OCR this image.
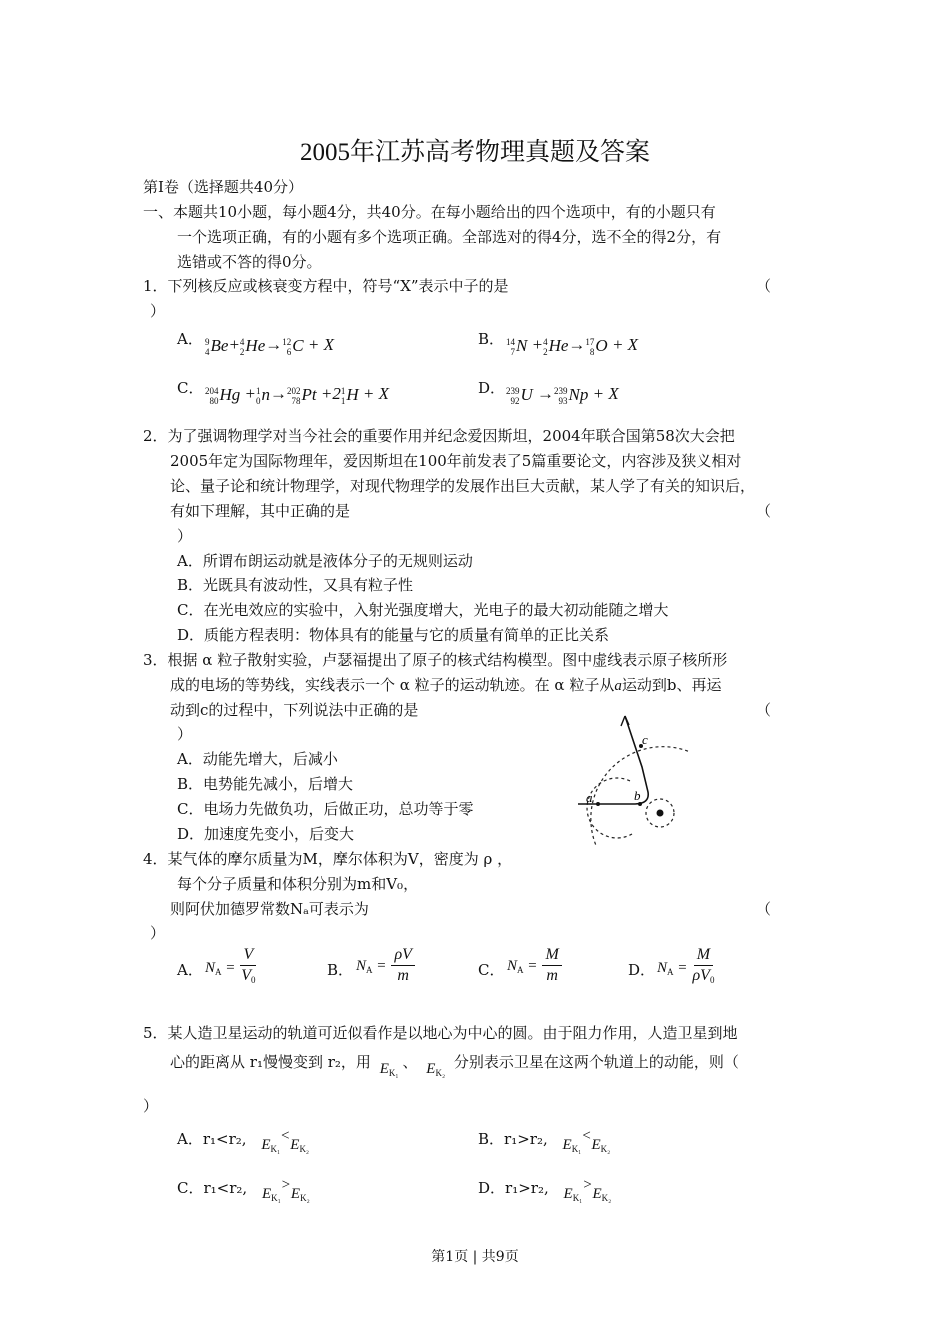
2005年江苏高考物理真题及答案
第Ⅰ卷（选择题共40分）
一、本题共10小题，每小题4分，共40分。在每小题给出的四个选项中，有的小题只有
一个选项正确，有的小题有多个选项正确。全部选对的得4分，选不全的得2分，有
选错或不答的得0分。
1．下列核反应或核衰变方程中，符号“X”表示中子的是	（
）
A． 9
4 Be+ 4
2 He→ 12
6 C + X	B． 14
7 N + 4
2 He→ 17
8 O + X
C． 204
80 Hg + 1
0 n→ 202
78 Pt +2 1
1 H + X	D． 239
92 U → 239
93 Np + X
2．为了强调物理学对当今社会的重要作用并纪念爱因斯坦，2004年联合国第58次大会把
2005年定为国际物理年，爱因斯坦在100年前发表了5篇重要论文，内容涉及狭义相对
论、量子论和统计物理学，对现代物理学的发展作出巨大贡献，某人学了有关的知识后，
有如下理解，其中正确的是	（
）
A．所谓布朗运动就是液体分子的无规则运动
B．光既具有波动性，又具有粒子性
C．在光电效应的实验中，入射光强度增大，光电子的最大初动能随之增大
D．质能方程表明：物体具有的能量与它的质量有简单的正比关系
3．根据 α 粒子散射实验，卢瑟福提出了原子的核式结构模型。图中虚线表示原子核所形
成的电场的等势线，实线表示一个 α 粒子的运动轨迹。在 α 粒子从a运动到b、再运
动到c的过程中，下列说法中正确的是	（
）
A．动能先增大，后减小
B．电势能先减小，后增大
C．电场力先做负功，后做正功，总功等于零
D．加速度先变小，后变大
a	b
c
4．某气体的摩尔质量为M，摩尔体积为V，密度为 ρ ，
每个分子质量和体积分别为m和V₀，
则阿伏加德罗常数Nₐ可表示为	（
）
A． $N_A = \frac{V}{V_0}$	B． $N_A = \frac{\rho V}{m}$	C． $N_A = \frac{M}{m}$	D． $N_A = \frac{M}{\rho V_0}$
5．某人造卫星运动的轨道可近似看作是以地心为中心的圆。由于阻力作用，人造卫星到地
心的距离从 r₁慢慢变到 r₂，用 $E_{K_1}$、 $E_{K_2}$ 分别表示卫星在这两个轨道上的动能，则（
）
A．r₁<r₂, $E_{K_1}<E_{K_2}$
B．r₁>r₂, $E_{K_1}<E_{K_2}$
C．r₁<r₂, $E_{K_1}>E_{K_2}$
D．r₁>r₂, $E_{K_1}>E_{K_2}$
第1页 | 共9页
